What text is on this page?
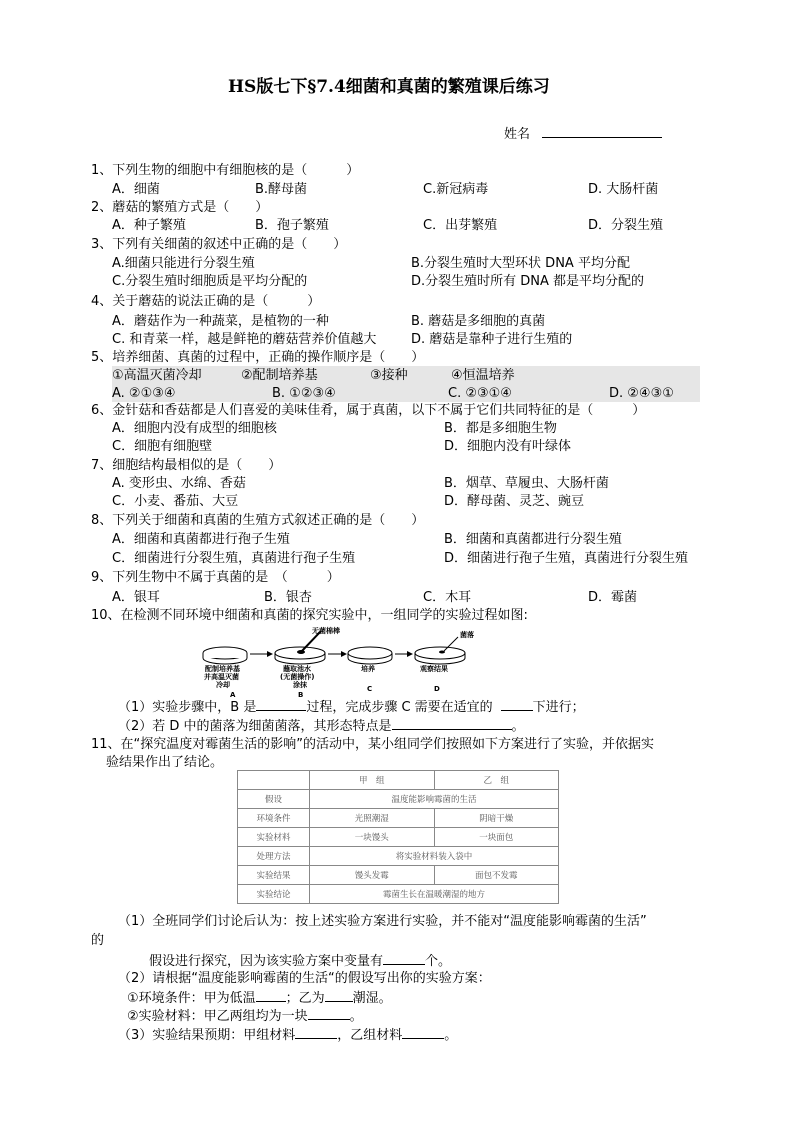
HS版七下§7.4细菌和真菌的繁殖课后练习
姓名
1、下列生物的细胞中有细胞核的是（　　　）
A．细菌	B.酵母菌	C.新冠病毒	D. 大肠杆菌
2、蘑菇的繁殖方式是（　　）
A．种子繁殖	B．孢子繁殖	C．出芽繁殖	D．分裂生殖
3、下列有关细菌的叙述中正确的是（　　）
A.细菌只能进行分裂生殖	B.分裂生殖时大型环状 DNA 平均分配
C.分裂生殖时细胞质是平均分配的	D.分裂生殖时所有 DNA 都是平均分配的
4、关于蘑菇的说法正确的是（　　　）
A．蘑菇作为一种蔬菜，是植物的一种	B. 蘑菇是多细胞的真菌
C. 和青菜一样，越是鲜艳的蘑菇营养价值越大	D. 蘑菇是靠种子进行生殖的
5、培养细菌、真菌的过程中，正确的操作顺序是（　　）
①高温灭菌冷却	②配制培养基	③接种	④恒温培养
A. ②①③④	B. ①②③④	C. ②③①④	D. ②④③①
6、金针菇和香菇都是人们喜爱的美味佳肴，属于真菌，以下不属于它们共同特征的是（　　　）
A．细胞内没有成型的细胞核	B．都是多细胞生物
C．细胞有细胞壁	D．细胞内没有叶绿体
7、细胞结构最相似的是（　　）
A. 变形虫、水绵、香菇	B．烟草、草履虫、大肠杆菌
C．小麦、番茄、大豆	D．酵母菌、灵芝、豌豆
8、下列关于细菌和真菌的生殖方式叙述正确的是（　　）
A．细菌和真菌都进行孢子生殖	B．细菌和真菌都进行分裂生殖
C．细菌进行分裂生殖，真菌进行孢子生殖	D．细菌进行孢子生殖，真菌进行分裂生殖
9、下列生物中不属于真菌的是　（　　　）
A．银耳	B．银杏	C．木耳	D．霉菌
10、在检测不同环境中细菌和真菌的探究实验中，一组同学的实验过程如图:
无菌棉棒	菌落
配制培养基
并高温灭菌
冷却
蘸取池水
(无菌操作)
涂抹
培养	观察结果
A	B
C	D
（1）实验步骤中，B 是	过程，完成步骤 C 需要在适宜的	下进行；
（2）若 D 中的菌落为细菌菌落，其形态特点是	。
11、在“探究温度对霉菌生活的影响”的活动中，某小组同学们按照如下方案进行了实验，并依据实
验结果作出了结论。
	甲　组	乙　组
假设	温度能影响霉菌的生活	
环境条件	光照潮湿	阴暗干燥
实验材料	一块馒头	一块面包
处理方法	将实验材料装入袋中	
实验结果	馒头发霉	面包不发霉
实验结论	霉菌生长在温暖潮湿的地方	
（1）全班同学们讨论后认为：按上述实验方案进行实验，并不能对“温度能影响霉菌的生活”
的
假设进行探究，因为该实验方案中变量有	个。
（2）请根据“温度能影响霉菌的生活“的假设写出你的实验方案：
①环境条件：甲为低温 ；乙为 潮湿。
②实验材料：甲乙两组均为一块	。
（3）实验结果预期：甲组材料	，乙组材料	。
